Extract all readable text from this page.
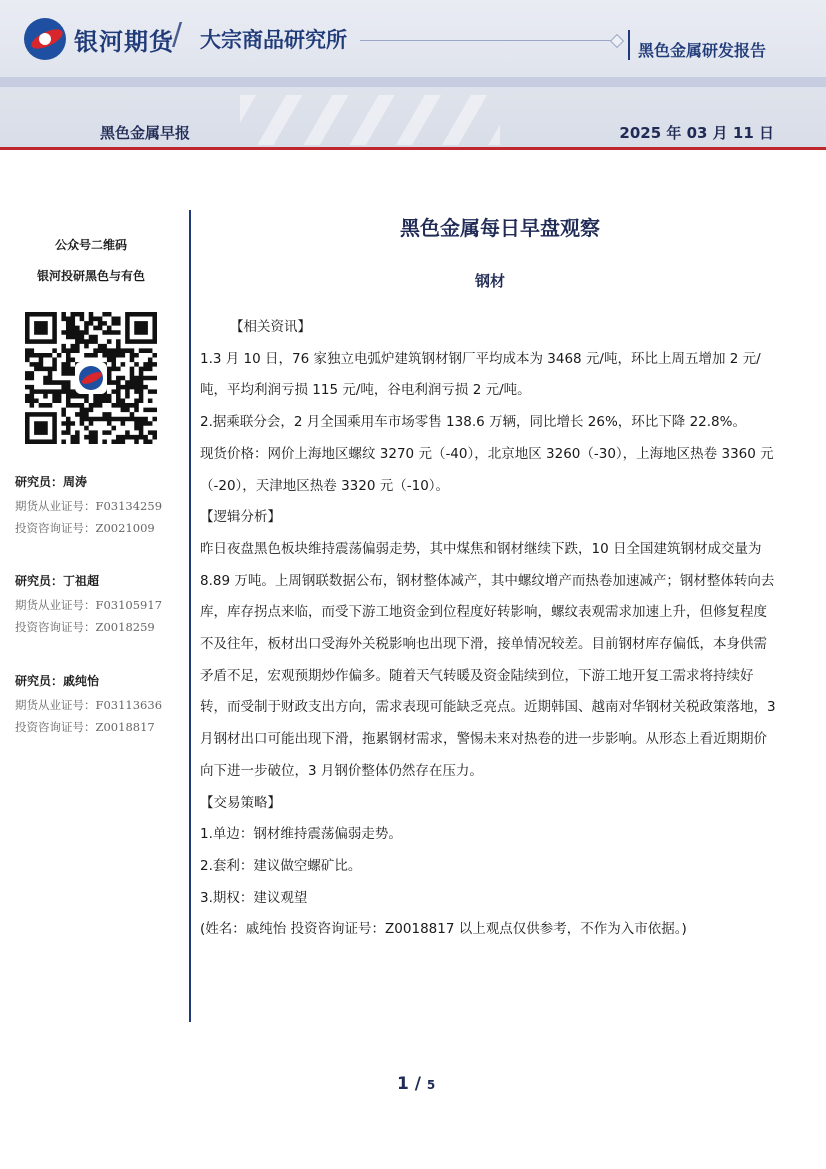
银河期货
/ 大宗商品研究所	黑色金属研发报告
黑色金属早报	2025 年 03 月 11 日
公众号二维码
银河投研黑色与有色
研究员：周涛
期货从业证号：F03134259
投资咨询证号：Z0021009
研究员：丁祖超
期货从业证号：F03105917
投资咨询证号：Z0018259
研究员：戚纯怡
期货从业证号：F03113636
投资咨询证号：Z0018817
黑色金属每日早盘观察
钢材

【相关资讯】

1.3 月 10 日，76 家独立电弧炉建筑钢材钢厂平均成本为 3468 元/吨，环比上周五增加 2 元/吨，平均利润亏损 115 元/吨，谷电利润亏损 2 元/吨。

2.据乘联分会，2 月全国乘用车市场零售 138.6 万辆，同比增长 26%，环比下降 22.8%。

现货价格：网价上海地区螺纹 3270 元（-40），北京地区 3260（-30），上海地区热卷 3360 元（-20），天津地区热卷 3320 元（-10）。

【逻辑分析】

昨日夜盘黑色板块维持震荡偏弱走势，其中煤焦和钢材继续下跌，10 日全国建筑钢材成交量为 8.89 万吨。上周钢联数据公布，钢材整体减产，其中螺纹增产而热卷加速减产；钢材整体转向去库，库存拐点来临，而受下游工地资金到位程度好转影响，螺纹表观需求加速上升，但修复程度不及往年，板材出口受海外关税影响也出现下滑，接单情况较差。目前钢材库存偏低，本身供需矛盾不足，宏观预期炒作偏多。随着天气转暖及资金陆续到位，下游工地开复工需求将持续好转，而受制于财政支出方向，需求表现可能缺乏亮点。近期韩国、越南对华钢材关税政策落地，3 月钢材出口可能出现下滑，拖累钢材需求，警惕未来对热卷的进一步影响。从形态上看近期期价向下进一步破位，3 月钢价整体仍然存在压力。

【交易策略】

1.单边：钢材维持震荡偏弱走势。

2.套利：建议做空螺矿比。

3.期权：建议观望

(姓名：戚纯怡 投资咨询证号：Z0018817 以上观点仅供参考，不作为入市依据。)

1 / 5
